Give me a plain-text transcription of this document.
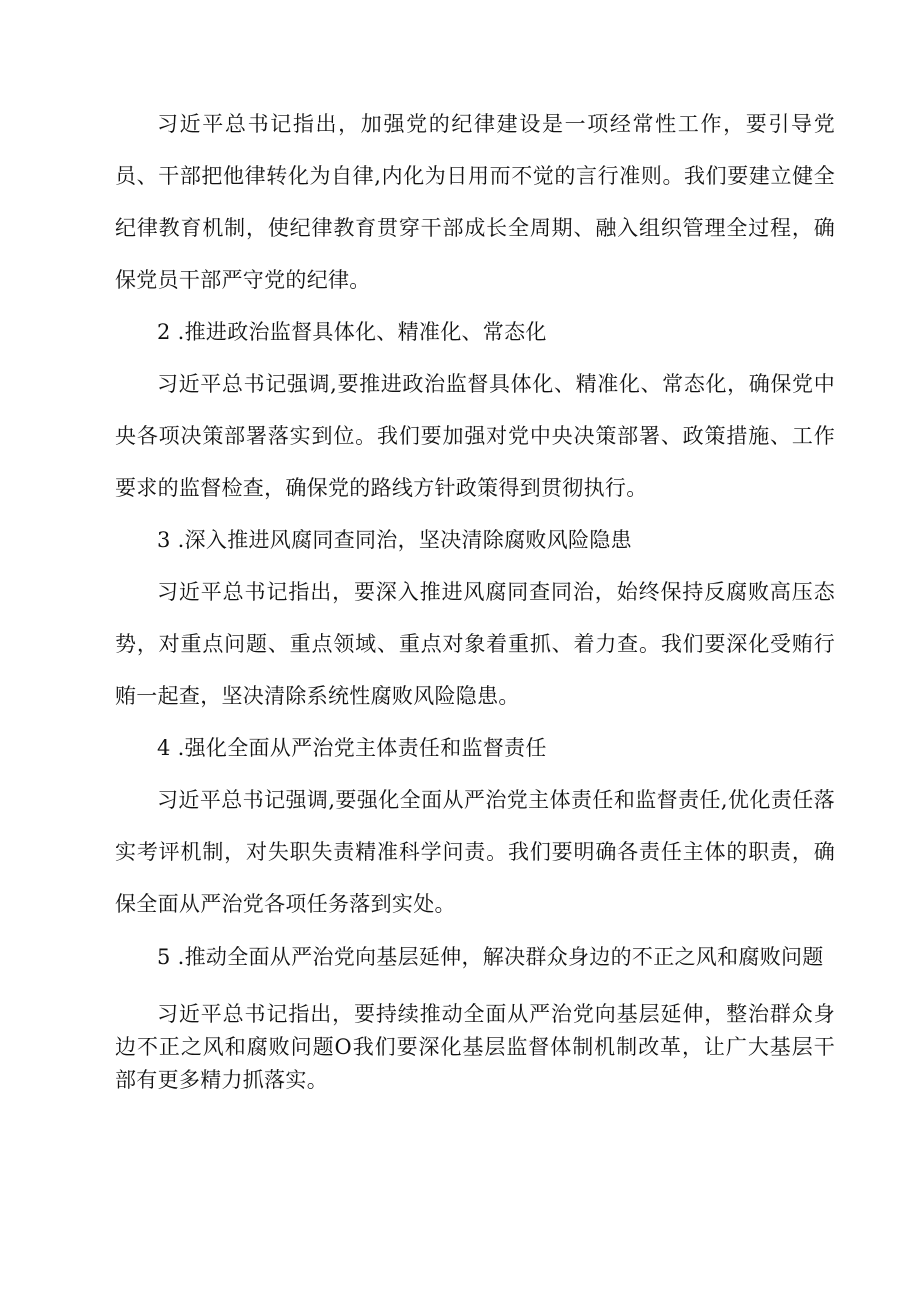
习近平总书记指出，加强党的纪律建设是一项经常性工作，要引导党员、干部把他律转化为自律,内化为日用而不觉的言行准则。我们要建立健全纪律教育机制，使纪律教育贯穿干部成长全周期、融入组织管理全过程，确保党员干部严守党的纪律。

2 .推进政治监督具体化、精准化、常态化

习近平总书记强调,要推进政治监督具体化、精准化、常态化，确保党中央各项决策部署落实到位。我们要加强对党中央决策部署、政策措施、工作要求的监督检查，确保党的路线方针政策得到贯彻执行。

3 .深入推进风腐同查同治，坚决清除腐败风险隐患

习近平总书记指出，要深入推进风腐同查同治，始终保持反腐败高压态势，对重点问题、重点领域、重点对象着重抓、着力查。我们要深化受贿行贿一起查，坚决清除系统性腐败风险隐患。

4 .强化全面从严治党主体责任和监督责任

习近平总书记强调,要强化全面从严治党主体责任和监督责任,优化责任落实考评机制，对失职失责精准科学问责。我们要明确各责任主体的职责，确保全面从严治党各项任务落到实处。

5 .推动全面从严治党向基层延伸，解决群众身边的不正之风和腐败问题

习近平总书记指出，要持续推动全面从严治党向基层延伸，整治群众身边不正之风和腐败问题O我们要深化基层监督体制机制改革，让广大基层干部有更多精力抓落实。
